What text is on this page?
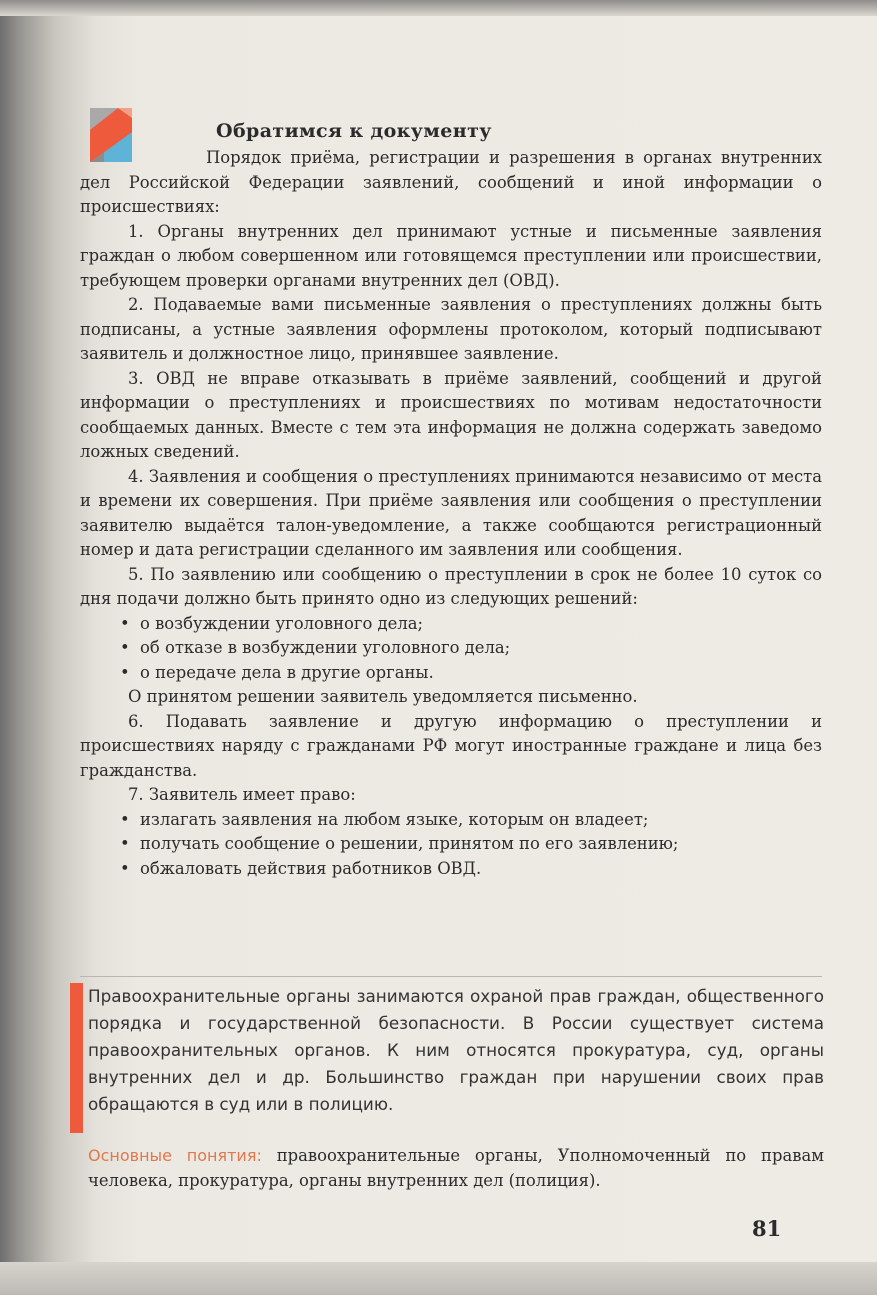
Обратимся к документу

Порядок приёма, регистрации и разрешения в органах внутренних дел Российской Федерации заявлений, сообщений и иной информации о происшествиях:

1. Органы внутренних дел принимают устные и письменные заявления граждан о любом совершенном или готовящемся преступлении или происшествии, требующем проверки органами внутренних дел (ОВД).

2. Подаваемые вами письменные заявления о преступлениях должны быть подписаны, а устные заявления оформлены протоколом, который подписывают заявитель и должностное лицо, принявшее заявление.

3. ОВД не вправе отказывать в приёме заявлений, сообщений и другой информации о преступлениях и происшествиях по мотивам недостаточности сообщаемых данных. Вместе с тем эта информация не должна содержать заведомо ложных сведений.

4. Заявления и сообщения о преступлениях принимаются независимо от места и времени их совершения. При приёме заявления или сообщения о преступлении заявителю выдаётся талон-уведомление, а также сообщаются регистрационный номер и дата регистрации сделанного им заявления или сообщения.

5. По заявлению или сообщению о преступлении в срок не более 10 суток со дня подачи должно быть принято одно из следующих решений:

• о возбуждении уголовного дела;
• об отказе в возбуждении уголовного дела;
• о передаче дела в другие органы.

О принятом решении заявитель уведомляется письменно.

6. Подавать заявление и другую информацию о преступлении и происшествиях наряду с гражданами РФ могут иностранные граждане и лица без гражданства.

7. Заявитель имеет право:

• излагать заявления на любом языке, которым он владеет;
• получать сообщение о решении, принятом по его заявлению;
• обжаловать действия работников ОВД.

Правоохранительные органы занимаются охраной прав граждан, общественного порядка и государственной безопасности. В России существует система правоохранительных органов. К ним относятся прокуратура, суд, органы внутренних дел и др. Большинство граждан при нарушении своих прав обращаются в суд или в полицию.

Основные понятия: правоохранительные органы, Уполномоченный по правам человека, прокуратура, органы внутренних дел (полиция).

81
